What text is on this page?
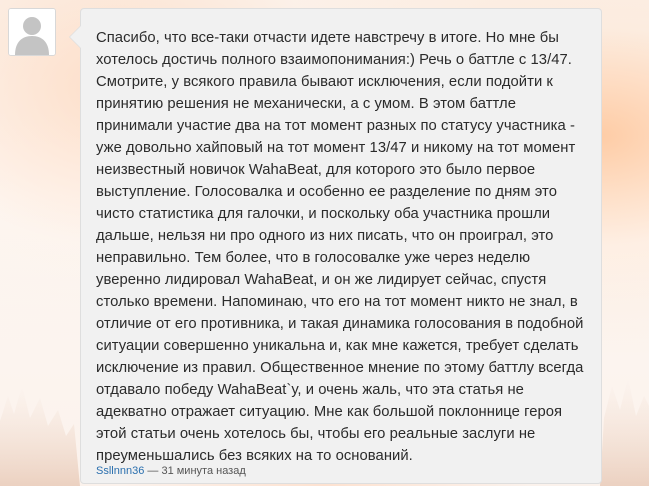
Спасибо, что все-таки отчасти идете навстречу в итоге. Но мне бы хотелось достичь полного взаимопонимания:) Речь о баттле с 13/47. Смотрите, у всякого правила бывают исключения, если подойти к принятию решения не механически, а с умом. В этом баттле принимали участие два на тот момент разных по статусу участника - уже довольно хайповый на тот момент 13/47 и никому на тот момент неизвестный новичок WahaBeat, для которого это было первое выступление. Голосовалка и особенно ее разделение по дням это чисто статистика для галочки, и поскольку оба участника прошли дальше, нельзя ни про одного из них писать, что он проиграл, это неправильно. Тем более, что в голосовалке уже через неделю уверенно лидировал WahaBeat, и он же лидирует сейчас, спустя столько времени. Напоминаю, что его на тот момент никто не знал, в отличие от его противника, и такая динамика голосования в подобной ситуации совершенно уникальна и, как мне кажется, требует сделать исключение из правил. Общественное мнение по этому баттлу всегда отдавало победу WahaBeat`у, и очень жаль, что эта статья не адекватно отражает ситуацию. Мне как большой поклоннице героя этой статьи очень хотелось бы, чтобы его реальные заслуги не преуменьшались без всяких на то оснований.

Ssllnnn36 — 31 минута назад
